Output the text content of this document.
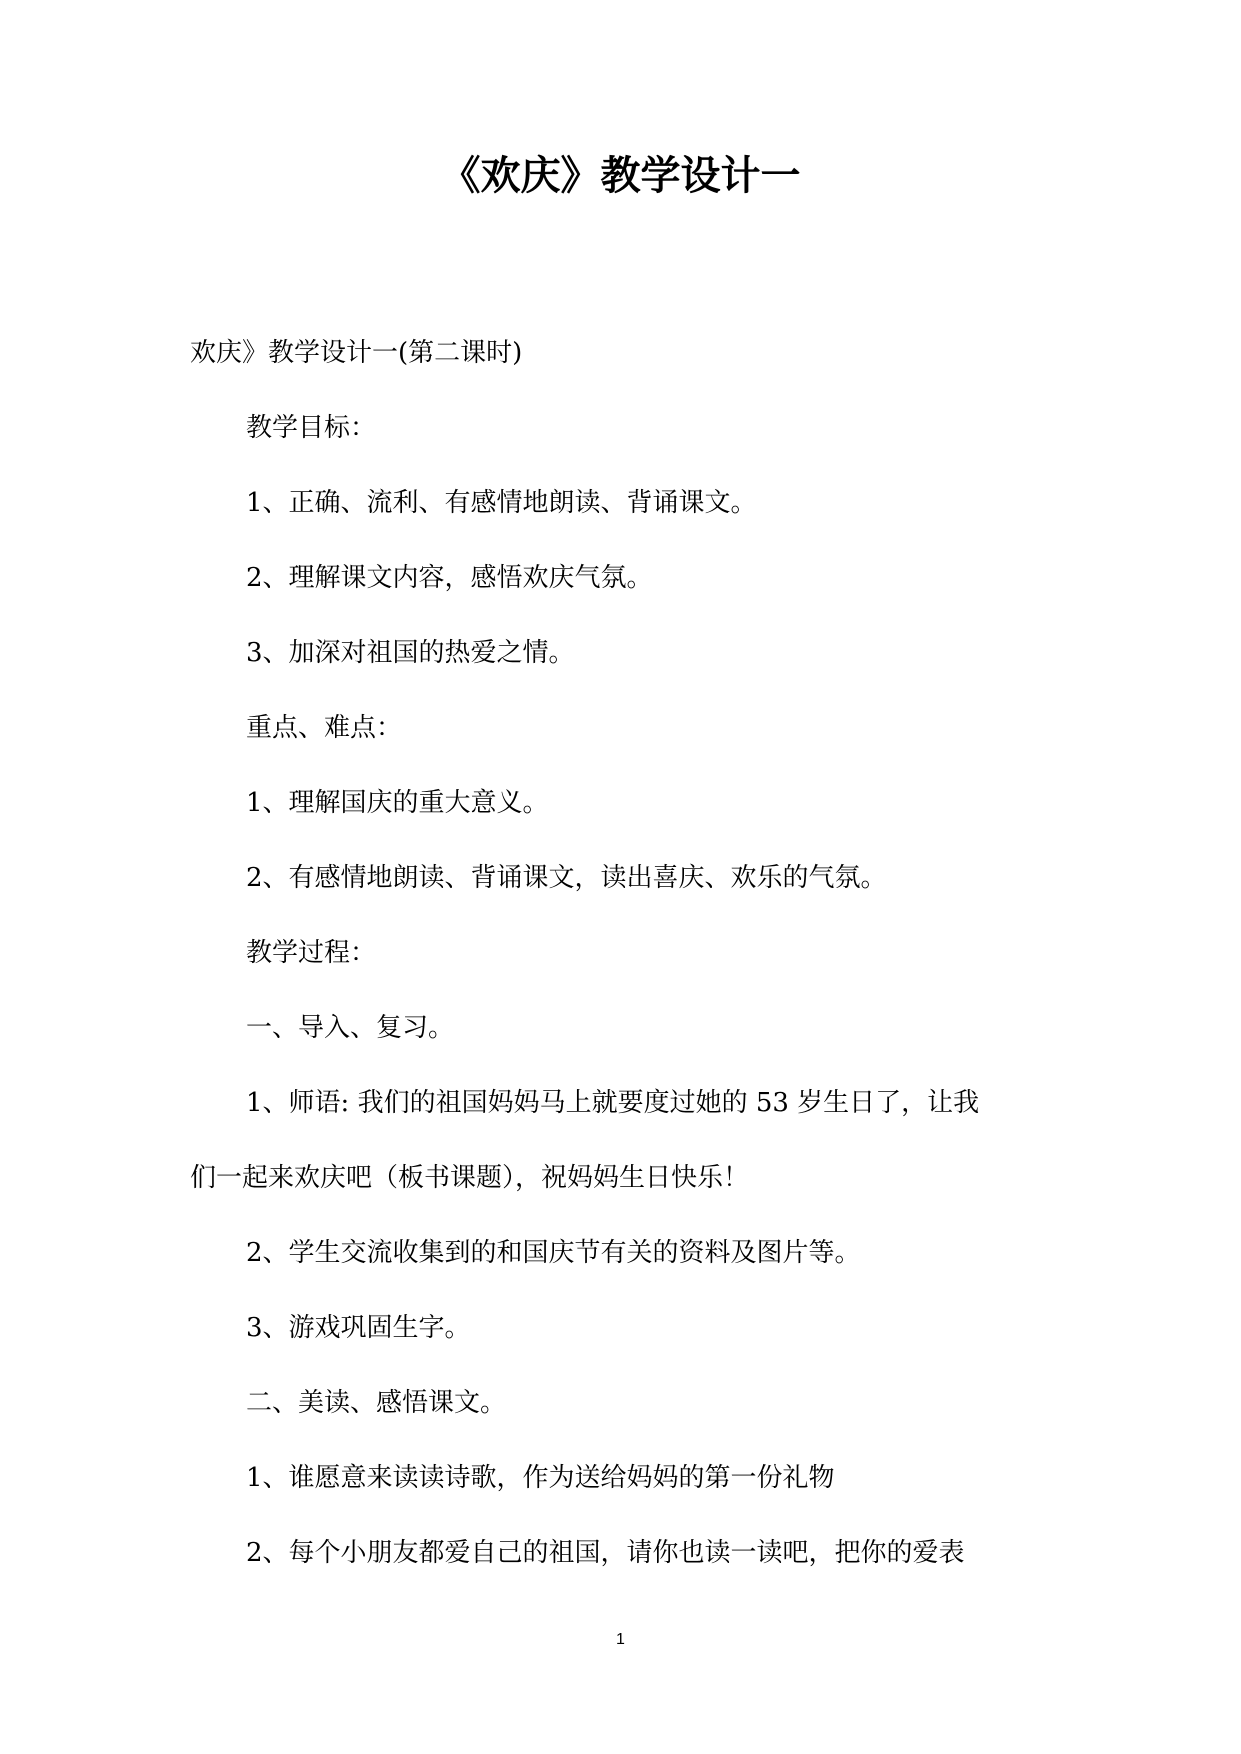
《欢庆》教学设计一
欢庆》教学设计一(第二课时)
教学目标：
1、正确、流利、有感情地朗读、背诵课文。
2、理解课文内容，感悟欢庆气氛。
3、加深对祖国的热爱之情。
重点、难点：
1、理解国庆的重大意义。
2、有感情地朗读、背诵课文，读出喜庆、欢乐的气氛。
教学过程：
一、导入、复习。
1、师语: 我们的祖国妈妈马上就要度过她的 53 岁生日了，让我
们一起来欢庆吧（板书课题），祝妈妈生日快乐！
2、学生交流收集到的和国庆节有关的资料及图片等。
3、游戏巩固生字。
二、美读、感悟课文。
1、谁愿意来读读诗歌，作为送给妈妈的第一份礼物
2、每个小朋友都爱自己的祖国，请你也读一读吧，把你的爱表
1
